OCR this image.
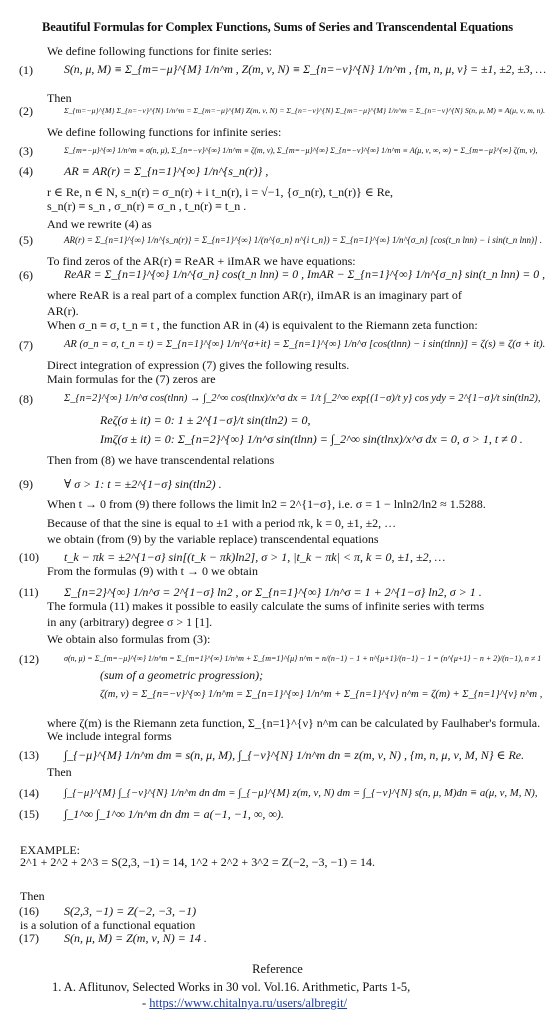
Beautiful Formulas for Complex Functions, Sums of Series and Transcendental Equations
We define following functions for finite series:
(1)	S(n, μ, M) ≡ Σ_{m=−μ}^{M} 1/n^m , Z(m, ν, N) ≡ Σ_{n=−ν}^{N} 1/n^m , {m, n, μ, ν} = ±1, ±2, ±3, …
Then
(2)	Σ_{m=−μ}^{M} Σ_{n=−ν}^{N} 1/n^m = Σ_{m=−μ}^{M} Z(m, ν, N) = Σ_{n=−ν}^{N} Σ_{m=−μ}^{M} 1/n^m = Σ_{n=−ν}^{N} S(n, μ, M) ≡ A(μ, ν, m, n).
We define following functions for infinite series:
(3)	Σ_{m=−μ}^{∞} 1/n^m ≡ σ(n, μ), Σ_{n=−ν}^{∞} 1/n^m ≡ ζ(m, ν), Σ_{m=−μ}^{∞} Σ_{n=−ν}^{∞} 1/n^m ≡ A(μ, ν, ∞, ∞) = Σ_{m=−μ}^{∞} ζ(m, ν),
(4)	AR ≡ AR(r) = Σ_{n=1}^{∞} 1/n^{s_n(r)} ,
r ∈ Re, n ∈ N, s_n(r) = σ_n(r) + i t_n(r), i = √−1, {σ_n(r), t_n(r)} ∈ Re,
s_n(r) ≡ s_n , σ_n(r) ≡ σ_n , t_n(r) ≡ t_n .
And we rewrite (4) as
(5)	AR(r) = Σ_{n=1}^{∞} 1/n^{s_n(r)} = Σ_{n=1}^{∞} 1/(n^{σ_n} n^{i t_n}) = Σ_{n=1}^{∞} 1/n^{σ_n} [cos(t_n lnn) − i sin(t_n lnn)] .
To find zeros of the AR(r) ≡ ReAR + iImAR we have equations:
(6)	ReAR = Σ_{n=1}^{∞} 1/n^{σ_n} cos(t_n lnn) = 0 , ImAR − Σ_{n=1}^{∞} 1/n^{σ_n} sin(t_n lnn) = 0 ,
where ReAR is a real part of a complex function AR(r), iImAR is an imaginary part of
AR(r).
When σ_n ≡ σ, t_n ≡ t , the function AR in (4) is equivalent to the Riemann zeta function:
(7)	AR (σ_n = σ, t_n = t) = Σ_{n=1}^{∞} 1/n^{σ+it} = Σ_{n=1}^{∞} 1/n^σ [cos(tlnn) − i sin(tlnn)] = ζ(s) ≡ ζ(σ + it).
Direct integration of expression (7) gives the following results.
Main formulas for the (7) zeros are
(8)	Σ_{n=2}^{∞} 1/n^σ cos(tlnn) → ∫_2^∞ cos(tlnx)/x^σ dx = 1/t ∫_2^∞ exp{(1−σ)/t y} cos ydy = 2^{1−σ}/t sin(tln2),
Reζ(σ ± it) = 0: 1 ± 2^{1−σ}/t sin(tln2) = 0,
Imζ(σ ± it) = 0: Σ_{n=2}^{∞} 1/n^σ sin(tlnn) = ∫_2^∞ sin(tlnx)/x^σ dx = 0, σ > 1, t ≠ 0 .
Then from (8) we have transcendental relations
(9)	∀ σ > 1: t = ±2^{1−σ} sin(tln2) .
When t → 0 from (9) there follows the limit ln2 = 2^{1−σ}, i.e. σ = 1 − lnln2/ln2 ≈ 1.5288.
Because of that the sine is equal to ±1 with a period πk, k = 0, ±1, ±2, …
we obtain (from (9) by the variable replace) transcendental equations
(10) t_k − πk = ±2^{1−σ} sin[(t_k − πk)ln2], σ > 1, |t_k − πk| < π, k = 0, ±1, ±2, …
From the formulas (9) with t → 0 we obtain
(11) Σ_{n=2}^{∞} 1/n^σ = 2^{1−σ} ln2 , or Σ_{n=1}^{∞} 1/n^σ = 1 + 2^{1−σ} ln2, σ > 1 .
The formula (11) makes it possible to easily calculate the sums of infinite series with terms
in any (arbitrary) degree σ > 1 [1].
We obtain also formulas from (3):
(12)	σ(n, μ) = Σ_{m=−μ}^{∞} 1/n^m = Σ_{m=1}^{∞} 1/n^m + Σ_{m=1}^{μ} n^m = n/(n−1) − 1 + n^{μ+1}/(n−1) − 1 = (n^{μ+1} − n + 2)/(n−1), n ≠ 1
(sum of a geometric progression);
ζ(m, ν) = Σ_{n=−ν}^{∞} 1/n^m = Σ_{n=1}^{∞} 1/n^m + Σ_{n=1}^{ν} n^m = ζ(m) + Σ_{n=1}^{ν} n^m ,
where ζ(m) is the Riemann zeta function, Σ_{n=1}^{ν} n^m can be calculated by Faulhaber's formula.
We include integral forms
(13) ∫_{−μ}^{M} 1/n^m dm ≡ s(n, μ, M), ∫_{−ν}^{N} 1/n^m dn ≡ z(m, ν, N) , {m, n, μ, ν, M, N} ∈ Re.
Then
(14) ∫_{−μ}^{M} ∫_{−ν}^{N} 1/n^m dn dm = ∫_{−μ}^{M} z(m, ν, N) dm = ∫_{−ν}^{N} s(n, μ, M)dn ≡ a(μ, ν, M, N),
(15) ∫_1^∞ ∫_1^∞ 1/n^m dn dm = a(−1, −1, ∞, ∞).
EXAMPLE:
2^1 + 2^2 + 2^3 = S(2,3, −1) = 14, 1^2 + 2^2 + 3^2 = Z(−2, −3, −1) = 14.
Then
(16) S(2,3, −1) = Z(−2, −3, −1)
is a solution of a functional equation
(17) S(n, μ, M) = Z(m, ν, N) = 14 .
Reference
1. A. Aflitunov, Selected Works in 30 vol. Vol.16. Arithmetic, Parts 1-5,
- https://www.chitalnya.ru/users/albregit/
